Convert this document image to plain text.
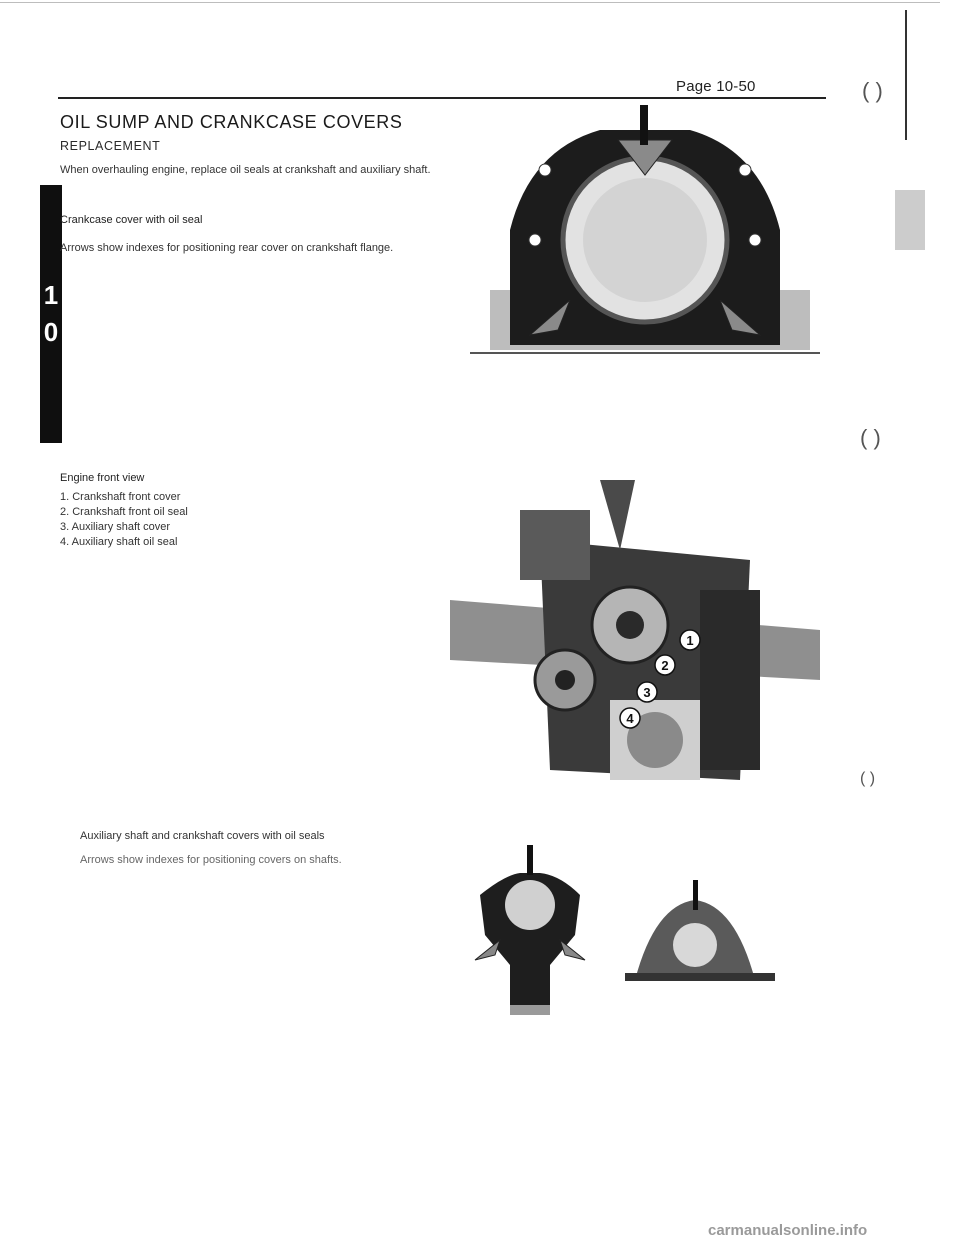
Page 10-50	( )
( )
( )
OIL SUMP AND CRANKCASE COVERS
REPLACEMENT
When overhauling engine, replace oil seals at crankshaft and auxiliary shaft.
1
0
Crankcase cover with oil seal
Arrows show indexes for positioning rear cover on crankshaft flange.
Engine front view
1. Crankshaft front cover
2. Crankshaft front oil seal
3. Auxiliary shaft cover
4. Auxiliary shaft oil seal
Auxiliary shaft and crankshaft covers with oil seals
Arrows show indexes for positioning covers on shafts.
1
2
3
4
carmanualsonline.info
